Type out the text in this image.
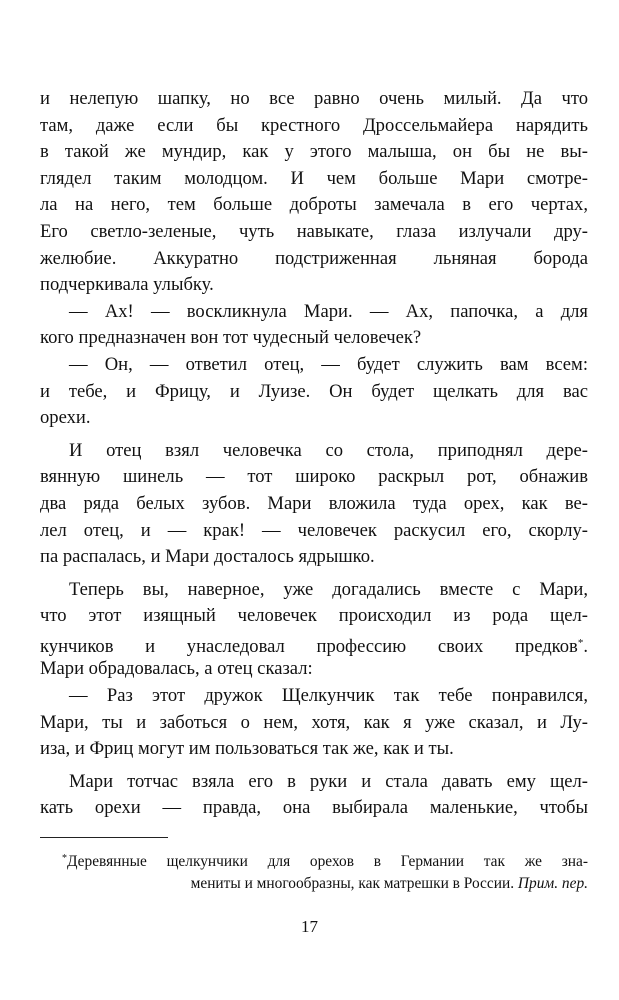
и нелепую шапку, но все равно очень милый. Да что
там, даже если бы крестного Дроссельмайера нарядить
в такой же мундир, как у этого малыша, он бы не вы-
глядел таким молодцом. И чем больше Мари смотре-
ла на него, тем больше доброты замечала в его чертах,
Его светло-зеленые, чуть навыкате, глаза излучали дру-
желюбие. Аккуратно подстриженная льняная борода
подчеркивала улыбку.
— Ах! — воскликнула Мари. — Ах, папочка, а для
кого предназначен вон тот чудесный человечек?
— Он, — ответил отец, — будет служить вам всем:
и тебе, и Фрицу, и Луизе. Он будет щелкать для вас
орехи.
И отец взял человечка со стола, приподнял дере-
вянную шинель — тот широко раскрыл рот, обнажив
два ряда белых зубов. Мари вложила туда орех, как ве-
лел отец, и — крак! — человечек раскусил его, скорлу-
па распалась, и Мари досталось ядрышко.
Теперь вы, наверное, уже догадались вместе с Мари,
что этот изящный человечек происходил из рода щел-
кунчиков и унаследовал профессию своих предков*.
Мари обрадовалась, а отец сказал:
— Раз этот дружок Щелкунчик так тебе понравился,
Мари, ты и заботься о нем, хотя, как я уже сказал, и Лу-
иза, и Фриц могут им пользоваться так же, как и ты.
Мари тотчас взяла его в руки и стала давать ему щел-
кать орехи — правда, она выбирала маленькие, чтобы
*Деревянные щелкунчики для орехов в Германии так же зна-
мениты и многообразны, как матрешки в России. Прим. пер.
17
